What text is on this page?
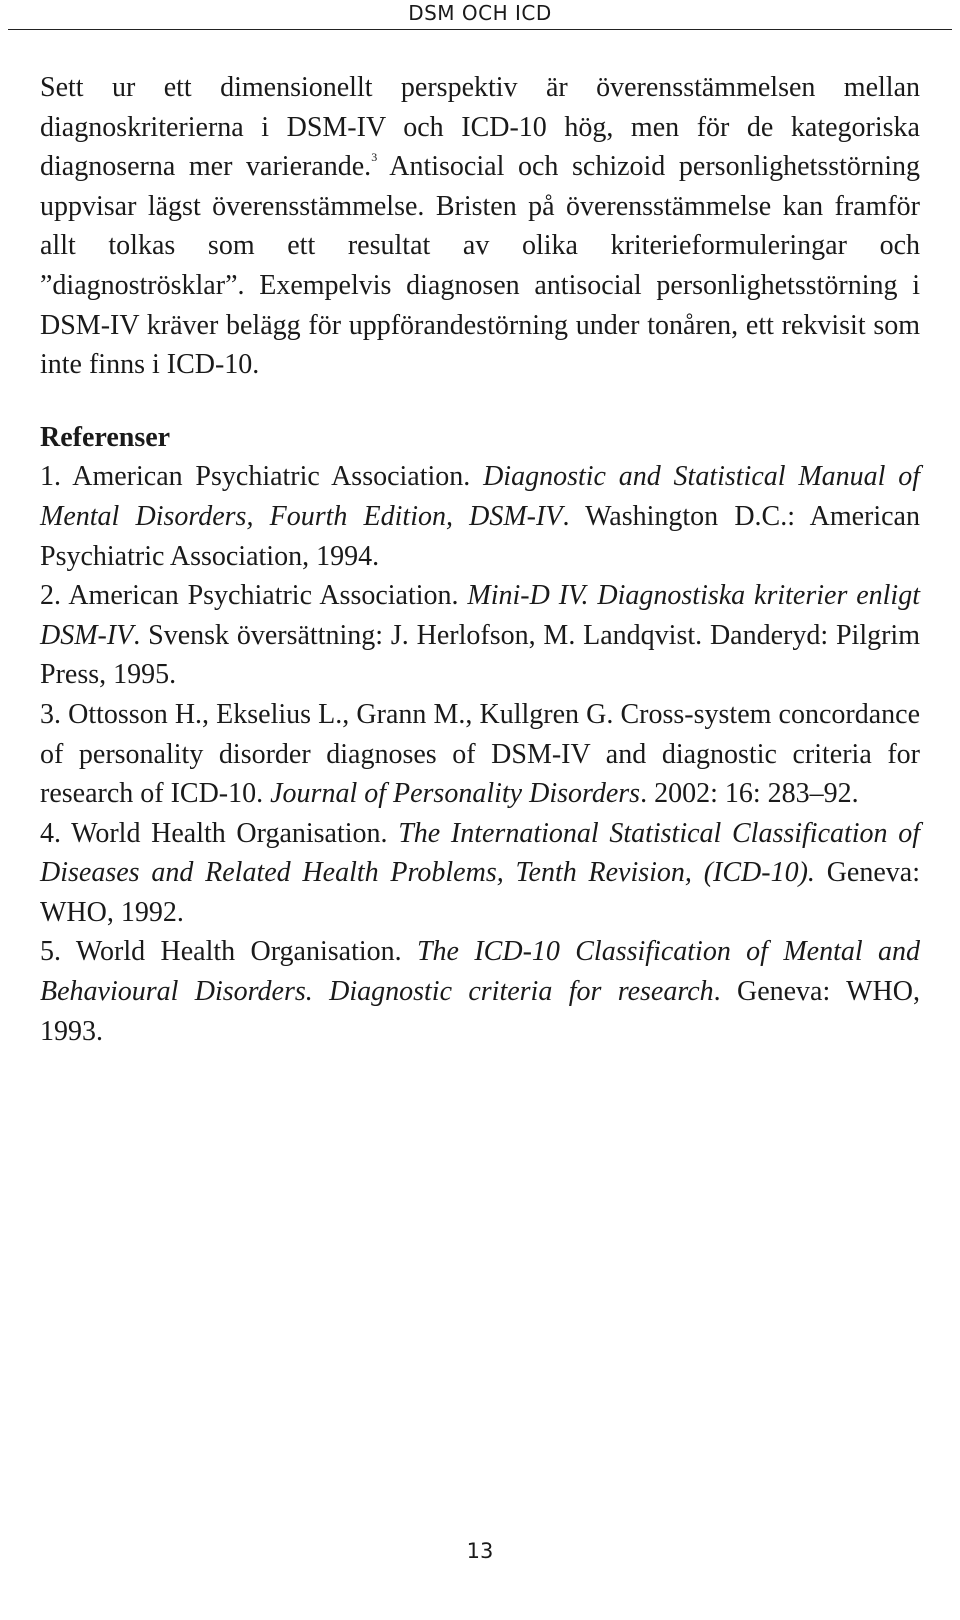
DSM OCH ICD

Sett ur ett dimensionellt perspektiv är överensstämmelsen mellan diagnoskriterierna i DSM-IV och ICD-10 hög, men för de kategoriska diagnoserna mer varierande.$^3$ Antisocial och schizoid personlighetsstörning uppvisar lägst överensstämmelse. Bristen på överensstämmelse kan framför allt tolkas som ett resultat av olika kriterieformuleringar och ”diagnoströsklar”. Exempelvis diagnosen antisocial personlighetsstörning i DSM-IV kräver belägg för uppförandestörning under tonåren, ett rekvisit som inte finns i ICD-10.

Referenser
1. American Psychiatric Association. Diagnostic and Statistical Manual of Mental Disorders, Fourth Edition, DSM-IV. Washington D.C.: American Psychiatric Association, 1994.
2. American Psychiatric Association. Mini-D IV. Diagnostiska kriterier enligt DSM-IV. Svensk översättning: J. Herlofson, M. Landqvist. Danderyd: Pilgrim Press, 1995.
3. Ottosson H., Ekselius L., Grann M., Kullgren G. Cross-system concordance of personality disorder diagnoses of DSM-IV and diagnostic criteria for research of ICD-10. Journal of Personality Disorders. 2002: 16: 283–92.
4. World Health Organisation. The International Statistical Classification of Diseases and Related Health Problems, Tenth Revision, (ICD-10). Geneva: WHO, 1992.
5. World Health Organisation. The ICD-10 Classification of Mental and Behavioural Disorders. Diagnostic criteria for research. Geneva: WHO, 1993.
13
